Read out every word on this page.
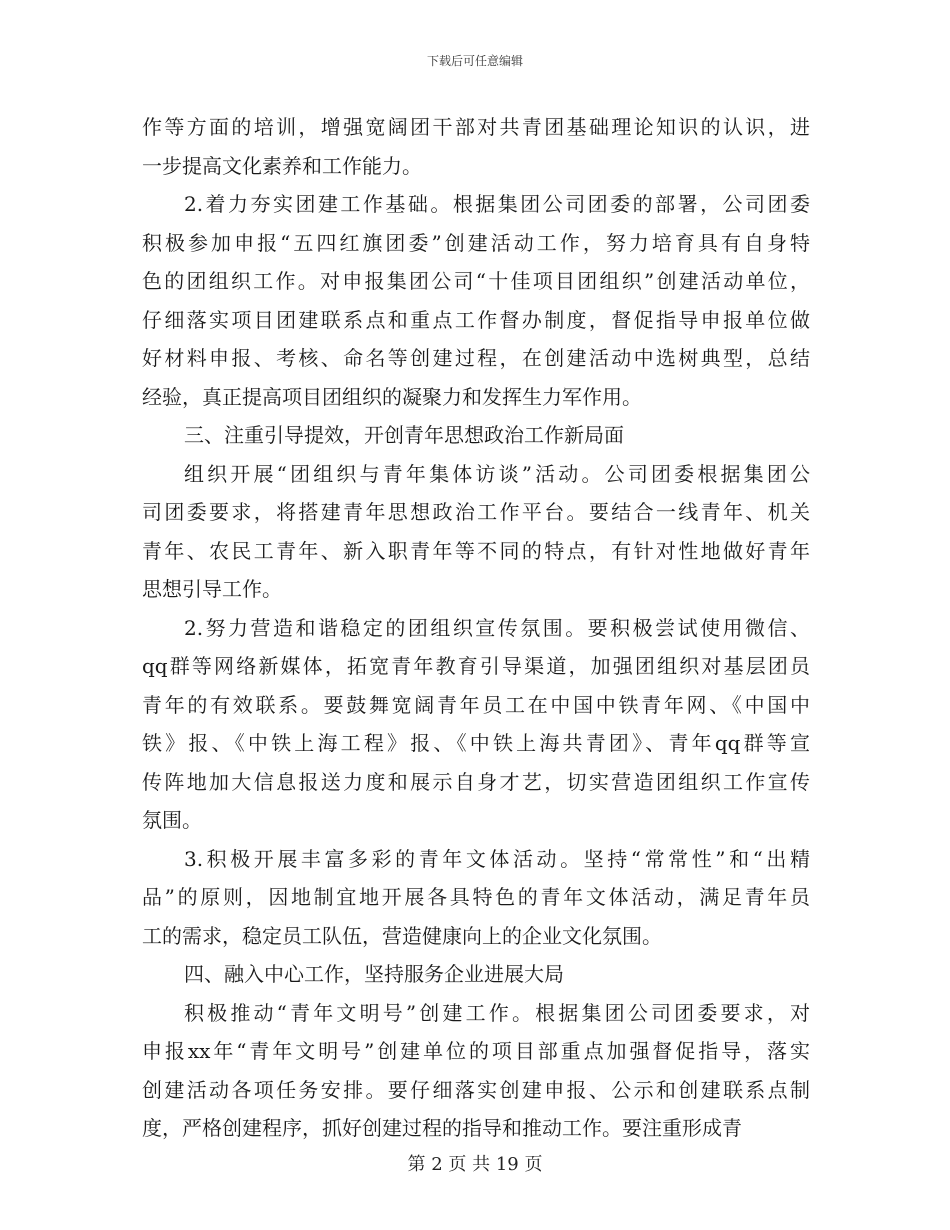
下载后可任意编辑
作等方面的培训，增强宽阔团干部对共青团基础理论知识的认识，进
一步提高文化素养和工作能力。
2.着力夯实团建工作基础。根据集团公司团委的部署，公司团委
积极参加申报“五四红旗团委”创建活动工作，努力培育具有自身特
色的团组织工作。对申报集团公司“十佳项目团组织”创建活动单位，
仔细落实项目团建联系点和重点工作督办制度，督促指导申报单位做
好材料申报、考核、命名等创建过程，在创建活动中选树典型，总结
经验，真正提高项目团组织的凝聚力和发挥生力军作用。
三、注重引导提效，开创青年思想政治工作新局面
组织开展“团组织与青年集体访谈”活动。公司团委根据集团公
司团委要求，将搭建青年思想政治工作平台。要结合一线青年、机关
青年、农民工青年、新入职青年等不同的特点，有针对性地做好青年
思想引导工作。
2.努力营造和谐稳定的团组织宣传氛围。要积极尝试使用微信、
qq群等网络新媒体，拓宽青年教育引导渠道，加强团组织对基层团员
青年的有效联系。要鼓舞宽阔青年员工在中国中铁青年网、《中国中
铁》报、《中铁上海工程》报、《中铁上海共青团》、青年qq群等宣
传阵地加大信息报送力度和展示自身才艺，切实营造团组织工作宣传
氛围。
3.积极开展丰富多彩的青年文体活动。坚持“常常性”和“出精
品”的原则，因地制宜地开展各具特色的青年文体活动，满足青年员
工的需求，稳定员工队伍，营造健康向上的企业文化氛围。
四、融入中心工作，坚持服务企业进展大局
积极推动“青年文明号”创建工作。根据集团公司团委要求，对
申报xx年“青年文明号”创建单位的项目部重点加强督促指导，落实
创建活动各项任务安排。要仔细落实创建申报、公示和创建联系点制
度，严格创建程序，抓好创建过程的指导和推动工作。要注重形成青
第 2 页 共 19 页
